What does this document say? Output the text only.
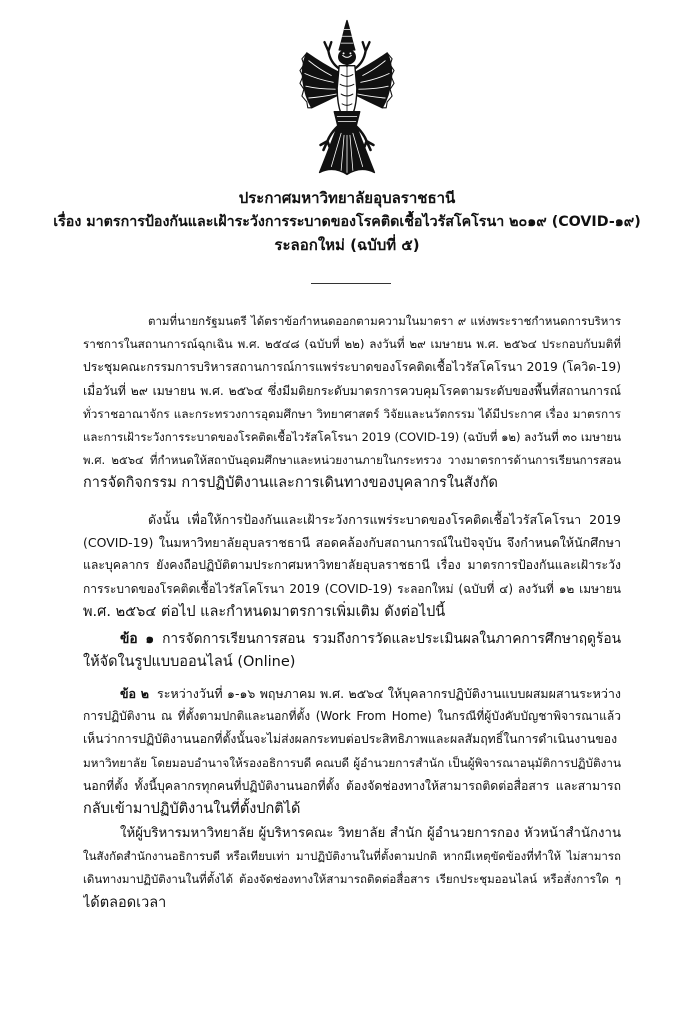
ประกาศมหาวิทยาลัยอุบลราชธานี
เรื่อง มาตรการป้องกันและเฝ้าระวังการระบาดของโรคติดเชื้อไวรัสโคโรนา ๒๐๑๙ (COVID-๑๙)
ระลอกใหม่ (ฉบับที่ ๕)
ตามที่นายกรัฐมนตรี ได้ตราข้อกำหนดออกตามความในมาตรา ๙ แห่งพระราชกำหนดการบริหาร
ราชการในสถานการณ์ฉุกเฉิน พ.ศ. ๒๕๔๘ (ฉบับที่ ๒๒) ลงวันที่ ๒๙ เมษายน พ.ศ. ๒๕๖๔ ประกอบกับมติที่
ประชุมคณะกรรมการบริหารสถานการณ์การแพร่ระบาดของโรคติดเชื้อไวรัสโคโรนา 2019 (โควิด-19)
เมื่อวันที่ ๒๙ เมษายน พ.ศ. ๒๕๖๔ ซึ่งมีมติยกระดับมาตรการควบคุมโรคตามระดับของพื้นที่สถานการณ์
ทั่วราชอาณาจักร และกระทรวงการอุดมศึกษา วิทยาศาสตร์ วิจัยและนวัตกรรม ได้มีประกาศ เรื่อง มาตรการ
และการเฝ้าระวังการระบาดของโรคติดเชื้อไวรัสโคโรนา 2019 (COVID-19) (ฉบับที่ ๑๒) ลงวันที่ ๓๐ เมษายน
พ.ศ. ๒๕๖๔ ที่กำหนดให้สถาบันอุดมศึกษาและหน่วยงานภายในกระทรวง วางมาตรการด้านการเรียนการสอน
การจัดกิจกรรม การปฏิบัติงานและการเดินทางของบุคลากรในสังกัด
ดังนั้น เพื่อให้การป้องกันและเฝ้าระวังการแพร่ระบาดของโรคติดเชื้อไวรัสโคโรนา 2019
(COVID-19) ในมหาวิทยาลัยอุบลราชธานี สอดคล้องกับสถานการณ์ในปัจจุบัน จึงกำหนดให้นักศึกษา
และบุคลากร ยังคงถือปฏิบัติตามประกาศมหาวิทยาลัยอุบลราชธานี เรื่อง มาตรการป้องกันและเฝ้าระวัง
การระบาดของโรคติดเชื้อไวรัสโคโรนา 2019 (COVID-19) ระลอกใหม่ (ฉบับที่ ๔) ลงวันที่ ๑๒ เมษายน
พ.ศ. ๒๕๖๔ ต่อไป และกำหนดมาตรการเพิ่มเติม ดังต่อไปนี้
ข้อ ๑ การจัดการเรียนการสอน รวมถึงการวัดและประเมินผลในภาคการศึกษาฤดูร้อน
ให้จัดในรูปแบบออนไลน์ (Online)
ข้อ ๒ ระหว่างวันที่ ๑-๑๖ พฤษภาคม พ.ศ. ๒๕๖๔ ให้บุคลากรปฏิบัติงานแบบผสมผสานระหว่าง
การปฏิบัติงาน ณ ที่ตั้งตามปกติและนอกที่ตั้ง (Work From Home) ในกรณีที่ผู้บังคับบัญชาพิจารณาแล้ว
เห็นว่าการปฏิบัติงานนอกที่ตั้งนั้นจะไม่ส่งผลกระทบต่อประสิทธิภาพและผลสัมฤทธิ์ในการดำเนินงานของ
มหาวิทยาลัย โดยมอบอำนาจให้รองอธิการบดี คณบดี ผู้อำนวยการสำนัก เป็นผู้พิจารณาอนุมัติการปฏิบัติงาน
นอกที่ตั้ง ทั้งนี้บุคลากรทุกคนที่ปฏิบัติงานนอกที่ตั้ง ต้องจัดช่องทางให้สามารถติดต่อสื่อสาร และสามารถ
กลับเข้ามาปฏิบัติงานในที่ตั้งปกติได้
ให้ผู้บริหารมหาวิทยาลัย ผู้บริหารคณะ วิทยาลัย สำนัก ผู้อำนวยการกอง หัวหน้าสำนักงาน
ในสังกัดสำนักงานอธิการบดี หรือเทียบเท่า มาปฏิบัติงานในที่ตั้งตามปกติ หากมีเหตุขัดข้องที่ทำให้ ไม่สามารถ
เดินทางมาปฏิบัติงานในที่ตั้งได้ ต้องจัดช่องทางให้สามารถติดต่อสื่อสาร เรียกประชุมออนไลน์ หรือสั่งการใด ๆ
ได้ตลอดเวลา
